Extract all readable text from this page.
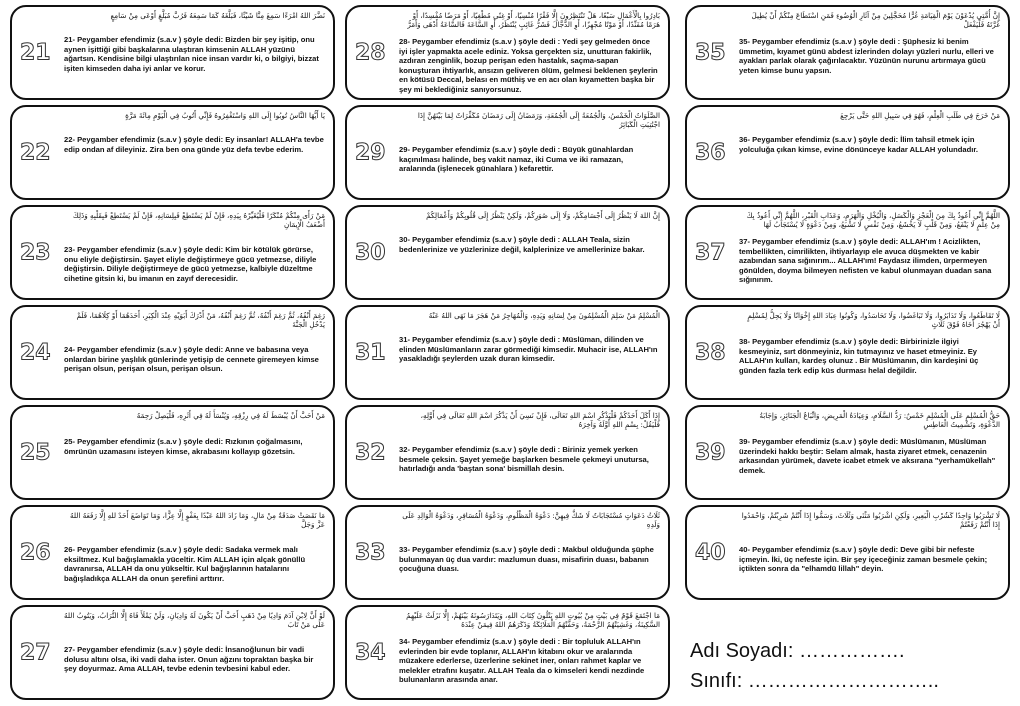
21
نَضَّرَ اللهُ امْرَءًا سَمِعَ مِنَّا شَيْئًا، فَبَلَّغَهُ كَمَا سَمِعَهُ فَرُبَّ مُبَلَّغٍ أَوْعَى مِنْ سَامِعٍ
21- Peygamber efendimiz (s.a.v ) şöyle dedi: Bizden bir şey işitip, onu aynen işittiği gibi başkalarına ulaştıran kimsenin ALLAH yüzünü ağartsın. Kendisine bilgi ulaştırılan nice insan vardır ki, o bilgiyi, bizzat işiten kimseden daha iyi anlar ve korur.
22
يَا أَيُّهَا النَّاسُ تُوبُوا إِلَى اللهِ وَاسْتَغْفِرُوهُ فَإِنِّي أَتُوبُ فِي الْيَوْمِ مِائَةَ مَرَّةٍ
22- Peygamber efendimiz (s.a.v ) şöyle dedi: Ey insanlar! ALLAH'a tevbe edip ondan af dileyiniz. Zira ben ona günde yüz defa tevbe ederim.
23
مَنْ رَأَى مِنْكُمْ مُنْكَرًا فَلْيُغَيِّرْهُ بِيَدِهِ، فَإِنْ لَمْ يَسْتَطِعْ فَبِلِسَانِهِ، فَإِنْ لَمْ يَسْتَطِعْ فَبِقَلْبِهِ وَذَلِكَ أَضْعَفُ الْإِيمَانِ
23- Peygamber efendimiz (s.a.v ) şöyle dedi: Kim bir kötülük görürse, onu eliyle değiştirsin. Şayet eliyle değiştirmeye gücü yetmezse, diliyle değiştirsin. Diliyle değiştirmeye de gücü yetmezse, kalbiyle düzeltme cihetine gitsin ki, bu imanın en zayıf derecesidir.
24
رَغِمَ أَنْفُهُ، ثُمَّ رَغِمَ أَنْفُهُ، ثُمَّ رَغِمَ أَنْفُهُ، مَنْ أَدْرَكَ أَبَوَيْهِ عِنْدَ الْكِبَرِ، أَحَدَهُمَا أَوْ كِلَاهُمَا، فَلَمْ يَدْخُلِ الْجَنَّةَ
24- Peygamber efendimiz (s.a.v ) şöyle dedi: Anne ve babasına veya onlardan birine yaşlılık günlerinde yetişip de cennete giremeyen kimse perişan olsun, perişan olsun, perişan olsun.
25
مَنْ أَحَبَّ أَنْ يُبْسَطَ لَهُ فِي رِزْقِهِ، وَيُنْسَأَ لَهُ فِي أَثَرِهِ، فَلْيَصِلْ رَحِمَهُ
25- Peygamber efendimiz (s.a.v ) şöyle dedi: Rızkının çoğalmasını, ömrünün uzamasını isteyen kimse, akrabasını kollayıp gözetsin.
26
مَا نَقَصَتْ صَدَقَةٌ مِنْ مَالٍ، وَمَا زَادَ اللهُ عَبْدًا بِعَفْوٍ إِلَّا عِزًّا، وَمَا تَوَاضَعَ أَحَدٌ للهِ إِلَّا رَفَعَهُ اللهُ عَزَّ وَجَلَّ
26- Peygamber efendimiz (s.a.v ) şöyle dedi: Sadaka vermek malı eksiltmez. Kul bağışlamakla yüceltir. Kim ALLAH için alçak gönüllü davranırsa, ALLAH da onu yükseltir. Kul bağışlarının hatalarını bağışladıkça ALLAH da onun şerefini arttırır.
27
لَوْ أَنَّ لِابْنِ آدَمَ وَادِيًا مِنْ ذَهَبٍ أَحَبَّ أَنْ يَكُونَ لَهُ وَادِيَانِ، وَلَنْ يَمْلَأَ فَاهُ إِلَّا التُّرَابُ، وَيَتُوبُ اللهُ عَلَى مَنْ تَابَ
27- Peygamber efendimiz (s.a.v ) şöyle dedi: İnsanoğlunun bir vadi dolusu altını olsa, iki vadi daha ister. Onun ağzını topraktan başka bir şey doyurmaz. Ama ALLAH, tevbe edenin tevbesini kabul eder.
28
بَادِرُوا بِالْأَعْمَالِ سَبْعًا، هَلْ تَنْتَظِرُونَ إِلَّا فَقْرًا مُنْسِيًا، أَوْ غِنًى مُطْغِيًا، أَوْ مَرَضًا مُفْسِدًا، أَوْ هَرَمًا مُفَنِّدًا، أَوْ مَوْتًا مُجْهِزًا، أَوِ الدَّجَّالَ فَشَرُّ غَائِبٍ يُنْتَظَرُ، أَوِ السَّاعَةَ فَالسَّاعَةُ أَدْهَى وَأَمَرُّ
28- Peygamber efendimiz (s.a.v ) şöyle dedi : Yedi şey gelmeden önce iyi işler yapmakta acele ediniz. Yoksa gerçekten siz, unutturan fakirlik, azdıran zenginlik, bozup perişan eden hastalık, saçma-sapan konuşturan ihtiyarlık, ansızın geliveren ölüm, gelmesi beklenen şeylerin en kötüsü Deccal, belası en müthiş ve en acı olan kıyametten başka bir şey mi beklediğiniz sanıyorsunuz.
29
الصَّلَوَاتُ الْخَمْسُ، وَالْجُمُعَةُ إِلَى الْجُمُعَةِ، وَرَمَضَانُ إِلَى رَمَضَانَ مُكَفِّرَاتٌ لِمَا بَيْنَهُنَّ إِذَا اجْتُنِبَتِ الْكَبَائِرُ
29- Peygamber efendimiz (s.a.v ) şöyle dedi : Büyük günahlardan kaçınılması halinde, beş vakit namaz, iki Cuma ve iki ramazan, aralarında (işlenecek günahlara ) kefarettir.
30
إِنَّ اللهَ لَا يَنْظُرُ إِلَى أَجْسَامِكُمْ، وَلَا إِلَى صُوَرِكُمْ، وَلَكِنْ يَنْظُرُ إِلَى قُلُوبِكُمْ وَأَعْمَالِكُمْ
30- Peygamber efendimiz (s.a.v ) şöyle dedi : ALLAH Teala, sizin bedenlerinize ve yüzlerinize değil, kalplerinize ve amellerinize bakar.
31
الْمُسْلِمُ مَنْ سَلِمَ الْمُسْلِمُونَ مِنْ لِسَانِهِ وَيَدِهِ، وَالْمُهَاجِرُ مَنْ هَجَرَ مَا نَهَى اللهُ عَنْهُ
31- Peygamber efendimiz (s.a.v ) şöyle dedi : Müslüman, dilinden ve elinden Müslümanların zarar görmediği kimsedir. Muhacir ise, ALLAH'ın yasakladığı şeylerden uzak duran kimsedir.
32
إِذَا أَكَلَ أَحَدُكُمْ فَلْيَذْكُرِ اسْمَ اللهِ تَعَالَى، فَإِنْ نَسِيَ أَنْ يَذْكُرَ اسْمَ اللهِ تَعَالَى فِي أَوَّلِهِ، فَلْيَقُلْ: بِسْمِ اللهِ أَوَّلَهُ وَآخِرَهُ
32- Peygamber efendimiz (s.a.v ) şöyle dedi : Biriniz yemek yerken besmele çeksin. Şayet yemeğe başlarken besmele çekmeyi unutursa, hatırladığı anda 'baştan sona' bismillah desin.
33
ثَلَاثُ دَعَوَاتٍ مُسْتَجَابَاتٌ لَا شَكَّ فِيهِنَّ: دَعْوَةُ الْمَظْلُومِ، وَدَعْوَةُ الْمُسَافِرِ، وَدَعْوَةُ الْوَالِدِ عَلَى وَلَدِهِ
33- Peygamber efendimiz (s.a.v ) şöyle dedi : Makbul olduğunda şüphe bulunmayan üç dua vardır: mazlumun duası, misafirin duası, babanın çocuğuna duası.
34
مَا اجْتَمَعَ قَوْمٌ فِي بَيْتٍ مِنْ بُيُوتِ اللهِ يَتْلُونَ كِتَابَ اللهِ، وَيَتَدَارَسُونَهُ بَيْنَهُمْ، إِلَّا نَزَلَتْ عَلَيْهِمُ السَّكِينَةُ، وَغَشِيَتْهُمُ الرَّحْمَةُ، وَحَفَّتْهُمُ الْمَلَائِكَةُ وَذَكَرَهُمُ اللهُ فِيمَنْ عِنْدَهُ
34- Peygamber efendimiz (s.a.v ) şöyle dedi : Bir topluluk ALLAH'ın evlerinden bir evde toplanır, ALLAH'ın kitabını okur ve aralarında müzakere ederlerse, üzerlerine sekinet iner, onları rahmet kaplar ve melekler etrafını kuşatır. ALLAH Teala da o kimseleri kendi nezdinde bulunanların arasında anar.
35
إِنَّ أُمَّتِي يُدْعَوْنَ يَوْمَ الْقِيَامَةِ غُرًّا مُحَجَّلِينَ مِنْ آثَارِ الْوُضُوءِ فَمَنِ اسْتَطَاعَ مِنْكُمْ أَنْ يُطِيلَ غُرَّتَهُ فَلْيَفْعَلْ
35- Peygamber efendimiz (s.a.v ) şöyle dedi : Şüphesiz ki benim ümmetim, kıyamet günü abdest izlerinden dolayı yüzleri nurlu, elleri ve ayakları parlak olarak çağırılacaktır. Yüzünün nurunu artırmaya gücü yeten kimse bunu yapsın.
36
مَنْ خَرَجَ فِي طَلَبِ الْعِلْمِ، فَهُوَ فِي سَبِيلِ اللهِ حَتَّى يَرْجِعَ
36- Peygamber efendimiz (s.a.v ) şöyle dedi: İlim tahsil etmek için yolculuğa çıkan kimse, evine dönünceye kadar ALLAH yolundadır.
37
اللَّهُمَّ إِنِّي أَعُوذُ بِكَ مِنَ الْعَجْزِ وَالْكَسَلِ، وَالْبُخْلِ وَالْهَرَمِ، وَعَذَابِ الْقَبْرِ، اللَّهُمَّ إِنِّي أَعُوذُ بِكَ مِنْ عِلْمٍ لَا يَنْفَعُ، وَمِنْ قَلْبٍ لَا يَخْشَعُ، وَمِنْ نَفْسٍ لَا تَشْبَعُ، وَمِنْ دَعْوَةٍ لَا يُسْتَجَابُ لَهَا
37- Peygamber efendimiz (s.a.v ) şöyle dedi: ALLAH'ım ! Acizlikten, tembellikten, cimrilikten, ihtiyarlayıp ele avuca düşmekten ve kabir azabından sana sığınırım... ALLAH'ım! Faydasız ilimden, ürpermeyen gönülden, doyma bilmeyen nefisten ve kabul olunmayan duadan sana sığınırım.
38
لَا تَقَاطَعُوا، وَلَا تَدَابَرُوا، وَلَا تَبَاغَضُوا، وَلَا تَحَاسَدُوا، وَكُونُوا عِبَادَ اللهِ إِخْوَانًا وَلَا يَحِلُّ لِمُسْلِمٍ أَنْ يَهْجُرَ أَخَاهُ فَوْقَ ثَلَاثٍ
38- Peygamber efendimiz (s.a.v ) şöyle dedi: Birbirinizle ilgiyi kesmeyiniz, sırt dönmeyiniz, kin tutmayınız ve haset etmeyiniz. Ey ALLAH'ın kulları, kardeş olunuz . Bir Müslümanın, din kardeşini üç günden fazla terk edip küs durması helal değildir.
39
حَقُّ الْمُسْلِمِ عَلَى الْمُسْلِمِ خَمْسٌ: رَدُّ السَّلَامِ، وَعِيَادَةُ الْمَرِيضِ، وَاتِّبَاعُ الْجَنَائِزِ، وَإِجَابَةُ الدَّعْوَةِ، وَتَشْمِيتُ الْعَاطِسِ
39- Peygamber efendimiz (s.a.v ) şöyle dedi: Müslümanın, Müslüman üzerindeki hakkı beştir: Selam almak, hasta ziyaret etmek, cenazenin arkasından yürümek, davete icabet etmek ve aksırana "yerhamükellah" demek.
40
لَا تَشْرَبُوا وَاحِدًا كَشُرْبِ الْبَعِيرِ، وَلَكِنِ اشْرَبُوا مَثْنَى وَثُلَاثَ، وَسَمُّوا إِذَا أَنْتُمْ شَرِبْتُمْ، وَاحْمَدُوا إِذَا أَنْتُمْ رَفَعْتُمْ
40- Peygamber efendimiz (s.a.v ) şöyle dedi: Deve gibi bir nefeste içmeyin. İki, üç nefeste için. Bir şey içeceğiniz zaman besmele çekin; içtikten sonra da "elhamdü lillah" deyin.
Adı Soyadı: …………….
Sınıfı: ………………………..
